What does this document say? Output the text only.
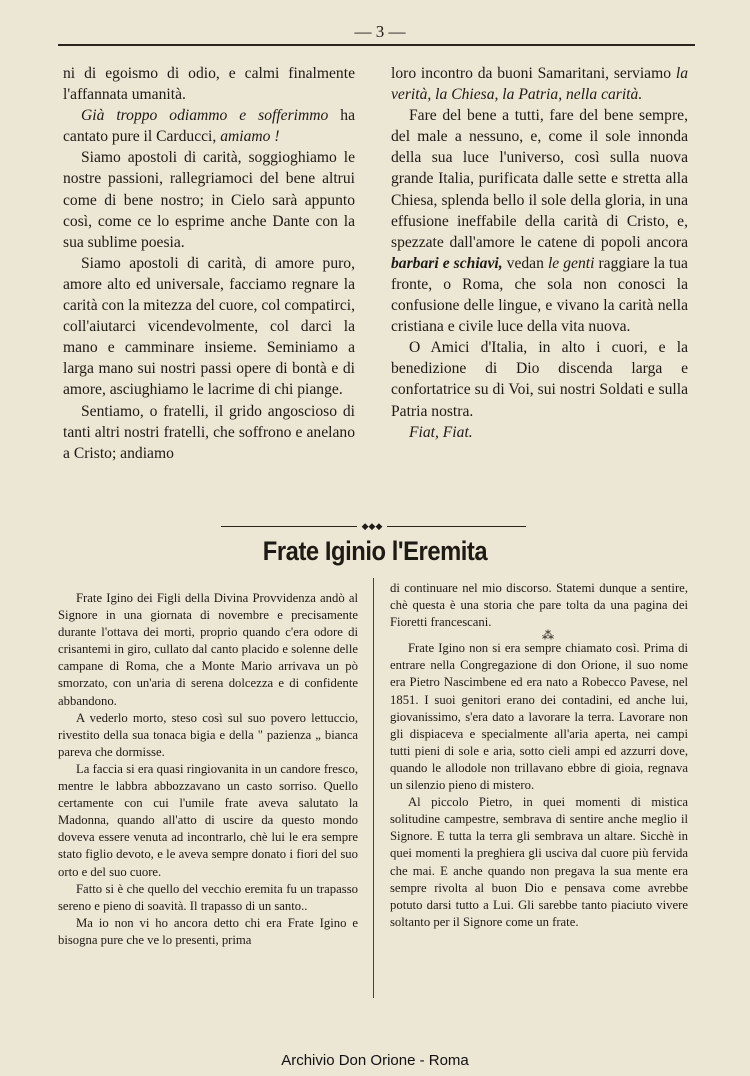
— 3 —

ni di egoismo di odio, e calmi finalmente l'affannata umanità.

Già troppo odiammo e sofferimmo ha cantato pure il Carducci, amiamo !

Siamo apostoli di carità, soggioghiamo le nostre passioni, rallegriamoci del bene altrui come di bene nostro; in Cielo sarà appunto così, come ce lo esprime anche Dante con la sua sublime poesia.

Siamo apostoli di carità, di amore puro, amore alto ed universale, facciamo regnare la carità con la mitezza del cuore, col compatirci, coll'aiutarci vicendevolmente, col darci la mano e camminare insieme. Seminiamo a larga mano sui nostri passi opere di bontà e di amore, asciughiamo le lacrime di chi piange.

Sentiamo, o fratelli, il grido angoscioso di tanti altri nostri fratelli, che soffrono e anelano a Cristo; andiamo

loro incontro da buoni Samaritani, serviamo la verità, la Chiesa, la Patria, nella carità.

Fare del bene a tutti, fare del bene sempre, del male a nessuno, e, come il sole innonda della sua luce l'universo, così sulla nuova grande Italia, purificata dalle sette e stretta alla Chiesa, splenda bello il sole della gloria, in una effusione ineffabile della carità di Cristo, e, spezzate dall'amore le catene di popoli ancora barbari e schiavi, vedan le genti raggiare la tua fronte, o Roma, che sola non conosci la confusione delle lingue, e vivano la carità nella cristiana e civile luce della vita nuova.

O Amici d'Italia, in alto i cuori, e la benedizione di Dio discenda larga e confortatrice su di Voi, sui nostri Soldati e sulla Patria nostra.

Fiat, Fiat.

◆◆◆
Frate Iginio l'Eremita

Frate Igino dei Figli della Divina Provvidenza andò al Signore in una giornata di novembre e precisamente durante l'ottava dei morti, proprio quando c'era odore di crisantemi in giro, cullato dal canto placido e solenne delle campane di Roma, che a Monte Mario arrivava un pò smorzato, con un'aria di serena dolcezza e di confidente abbandono.

A vederlo morto, steso così sul suo povero lettuccio, rivestito della sua tonaca bigia e della " pazienza „ bianca pareva che dormisse.

La faccia si era quasi ringiovanita in un candore fresco, mentre le labbra abbozzavano un casto sorriso. Quello certamente con cui l'umile frate aveva salutato la Madonna, quando all'atto di uscire da questo mondo doveva essere venuta ad incontrarlo, chè lui le era sempre stato figlio devoto, e le aveva sempre donato i fiori del suo orto e del suo cuore.

Fatto si è che quello del vecchio eremita fu un trapasso sereno e pieno di soavità. Il trapasso di un santo..

Ma io non vi ho ancora detto chi era Frate Igino e bisogna pure che ve lo presenti, prima

di continuare nel mio discorso. Statemi dunque a sentire, chè questa è una storia che pare tolta da una pagina dei Fioretti francescani.

⁂

Frate Igino non si era sempre chiamato così. Prima di entrare nella Congregazione di don Orione, il suo nome era Pietro Nascimbene ed era nato a Robecco Pavese, nel 1851. I suoi genitori erano dei contadini, ed anche lui, giovanissimo, s'era dato a lavorare la terra. Lavorare non gli dispiaceva e specialmente all'aria aperta, nei campi tutti pieni di sole e aria, sotto cieli ampi ed azzurri dove, quando le allodole non trillavano ebbre di gioia, regnava un silenzio pieno di mistero.

Al piccolo Pietro, in quei momenti di mistica solitudine campestre, sembrava di sentire anche meglio il Signore. E tutta la terra gli sembrava un altare. Sicchè in quei momenti la preghiera gli usciva dal cuore più fervida che mai. E anche quando non pregava la sua mente era sempre rivolta al buon Dio e pensava come avrebbe potuto darsi tutto a Lui. Gli sarebbe tanto piaciuto vivere soltanto per il Signore come un frate.

Archivio Don Orione - Roma
